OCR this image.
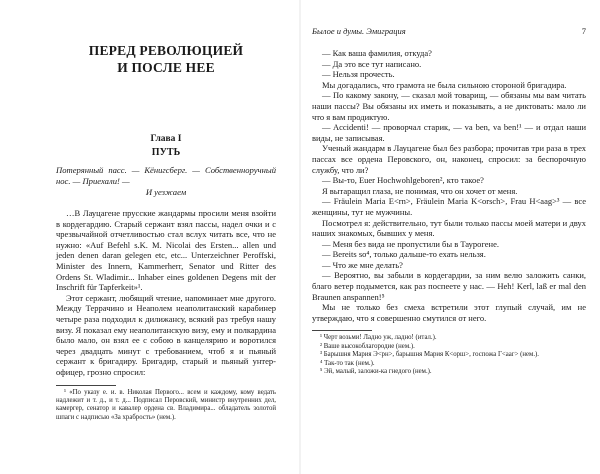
ПЕРЕД РЕВОЛЮЦИЕЙ
И ПОСЛЕ НЕЕ
Глава I
ПУТЬ
Потерянный пасс. — Кёнигсберг. — Собственноручный нос. — Приехали! —
И уезжаем

…В Лауцагене прусские жандармы просили меня взойти в кордегардию. Старый сержант взял пассы, надел очки и с чрезвычайной отчетливостью стал вслух читать все, что не нужно: «Auf Befehl s.K. M. Nicolai des Ersten... allen und jeden denen daran gelegen etc, etc... Unterzeichner Peroffski, Minister des Innern, Kammerherr, Senator und Ritter des Ordens St. Wladimir... Inhaber eines goldenen Degens mit der Inschrift für Tapferkeit»¹.

Этот сержант, любящий чтение, напоминает мне другого. Между Террачино и Неаполем неаполитанский карабинер четыре раза подходил к дилижансу, всякий раз требуя нашу визу. Я показал ему неаполитанскую визу, ему и полкардина было мало, он взял ее с собою в канцелярию и воротился через двадцать минут с требованием, чтоб я и пьяный сержант к бригадиру. Бригадир, старый и пьяный унтер-офицер, грозно спросил:

¹ «По указу е. и. в. Николая Первого... всем и каждому, кому ведать надлежит и т. д., и т. д... Подписал Перовский, министр внутренних дел, камергер, сенатор и кавалер ордена св. Владимира... обладатель золотой шпаги с надписью «За храбрость» (нем.).

Былое и думы. Эмиграция	7

— Как ваша фамилия, откуда?

— Да это все тут написано.

— Нельзя прочесть.

Мы догадались, что грамота не была сильною стороной бригадира.

— По какому закону, — сказал мой товарищ, — обязаны мы вам читать наши пассы? Вы обязаны их иметь и показывать, а не диктовать: мало ли что я вам продиктую.

— Accidenti! — проворчал старик, — va ben, va ben!¹ — и отдал наши виды, не записывая.

Ученый жандарм в Лауцагене был без разбора; прочитав три раза в трех пассах все ордена Перовского, он, наконец, спросил: за беспорочную службу, что ли?

— Вы-то, Euer Hochwohlgeboren², кто такое?

Я вытаращил глаза, не понимая, что он хочет от меня.

— Fräulein Maria E<rn>, Fräulein Maria K<orsch>, Frau H<aag>³ — все женщины, тут не мужчины.

Посмотрел я: действительно, тут были только пассы моей матери и двух наших знакомых, бывших у меня.

— Меня без вида не пропустили бы в Таурогене.

— Bereits so⁴, только дальше-то ехать нельзя.

— Что же мне делать?

— Вероятно, вы забыли в кордегардии, за ним велю заложить санки, благо ветер подымется, как раз поспеете у нас. — Heh! Kerl, laß er mal den Braunen anspannen!⁵

Мы не только без смеха встретили этот глупый случай, им не утверждаю, что я совершенно смутился от него.

¹ Черт возьми! Ладно уж, ладно! (итал.).

² Ваше высокоблагородие (нем.).

³ Барышня Мария Э<рн>, барышня Мария К<орш>, госпожа Г<ааг> (нем.).

⁴ Так-то так (нем.).

⁵ Эй, малый, заложи-ка гнедого (нем.).
